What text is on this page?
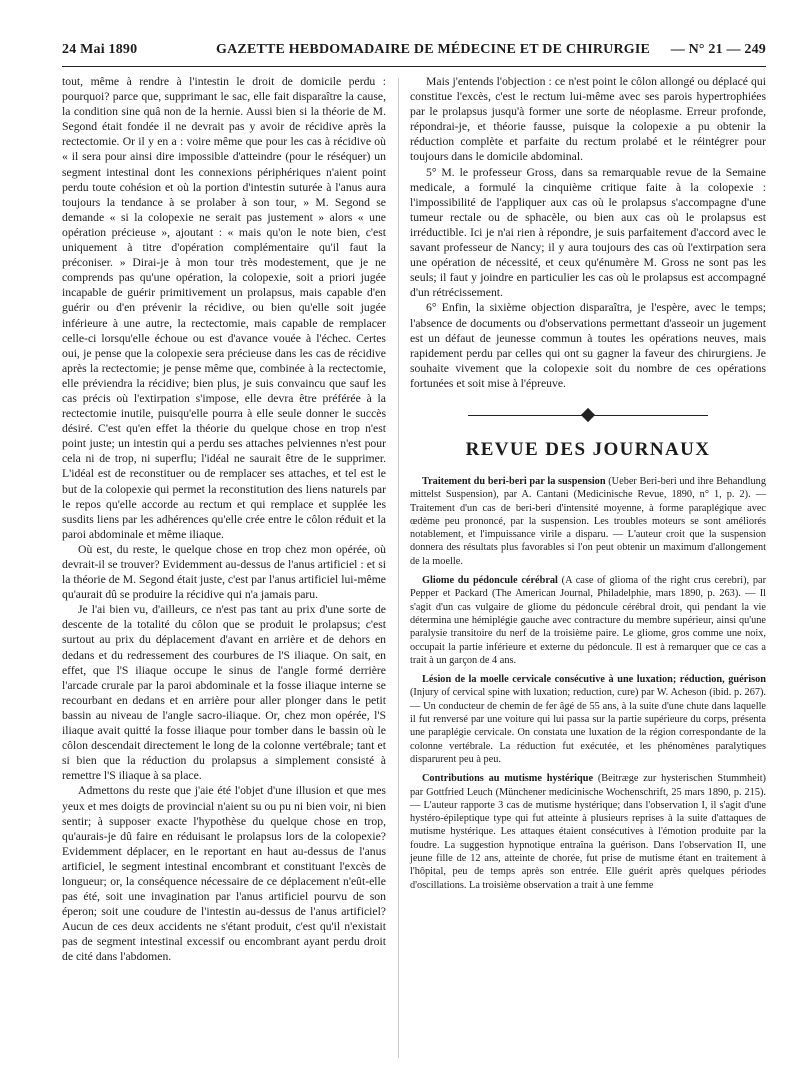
24 Mai 1890	GAZETTE HEBDOMADAIRE DE MÉDECINE ET DE CHIRURGIE — N° 21 — 249

tout, même à rendre à l'intestin le droit de domicile perdu : pourquoi? parce que, supprimant le sac, elle fait disparaître la cause, la condition sine quâ non de la hernie. Aussi bien si la théorie de M. Segond était fondée il ne devrait pas y avoir de récidive après la rectectomie. Or il y en a : voire même que pour les cas à récidive où « il sera pour ainsi dire impossible d'atteindre (pour le réséquer) un segment intestinal dont les connexions périphériques n'aient point perdu toute cohésion et où la portion d'intestin suturée à l'anus aura toujours la tendance à se prolaber à son tour, » M. Segond se demande « si la colopexie ne serait pas justement » alors « une opération précieuse », ajoutant : « mais qu'on le note bien, c'est uniquement à titre d'opération complémentaire qu'il faut la préconiser. » Dirai-je à mon tour très modestement, que je ne comprends pas qu'une opération, la colopexie, soit a priori jugée incapable de guérir primitivement un prolapsus, mais capable d'en guérir ou d'en prévenir la récidive, ou bien qu'elle soit jugée inférieure à une autre, la rectectomie, mais capable de remplacer celle-ci lorsqu'elle échoue ou est d'avance vouée à l'échec. Certes oui, je pense que la colopexie sera précieuse dans les cas de récidive après la rectectomie; je pense même que, combinée à la rectectomie, elle préviendra la récidive; bien plus, je suis convaincu que sauf les cas précis où l'extirpation s'impose, elle devra être préférée à la rectectomie inutile, puisqu'elle pourra à elle seule donner le succès désiré. C'est qu'en effet la théorie du quelque chose en trop n'est point juste; un intestin qui a perdu ses attaches pelviennes n'est pour cela ni de trop, ni superflu; l'idéal ne saurait être de le supprimer. L'idéal est de reconstituer ou de remplacer ses attaches, et tel est le but de la colopexie qui permet la reconstitution des liens naturels par le repos qu'elle accorde au rectum et qui remplace et supplée les susdits liens par les adhérences qu'elle crée entre le côlon réduit et la paroi abdominale et même iliaque.

Où est, du reste, le quelque chose en trop chez mon opérée, où devrait-il se trouver? Evidemment au-dessus de l'anus artificiel : et si la théorie de M. Segond était juste, c'est par l'anus artificiel lui-même qu'aurait dû se produire la récidive qui n'a jamais paru.

Je l'ai bien vu, d'ailleurs, ce n'est pas tant au prix d'une sorte de descente de la totalité du côlon que se produit le prolapsus; c'est surtout au prix du déplacement d'avant en arrière et de dehors en dedans et du redressement des courbures de l'S iliaque. On sait, en effet, que l'S iliaque occupe le sinus de l'angle formé derrière l'arcade crurale par la paroi abdominale et la fosse iliaque interne se recourbant en dedans et en arrière pour aller plonger dans le petit bassin au niveau de l'angle sacro-iliaque. Or, chez mon opérée, l'S iliaque avait quitté la fosse iliaque pour tomber dans le bassin où le côlon descendait directement le long de la colonne vertébrale; tant et si bien que la réduction du prolapsus a simplement consisté à remettre l'S iliaque à sa place.

Admettons du reste que j'aie été l'objet d'une illusion et que mes yeux et mes doigts de provincial n'aient su ou pu ni bien voir, ni bien sentir; à supposer exacte l'hypothèse du quelque chose en trop, qu'aurais-je dû faire en réduisant le prolapsus lors de la colopexie? Evidemment déplacer, en le reportant en haut au-dessus de l'anus artificiel, le segment intestinal encombrant et constituant l'excès de longueur; or, la conséquence nécessaire de ce déplacement n'eût-elle pas été, soit une invagination par l'anus artificiel pourvu de son éperon; soit une coudure de l'intestin au-dessus de l'anus artificiel? Aucun de ces deux accidents ne s'étant produit, c'est qu'il n'existait pas de segment intestinal excessif ou encombrant ayant perdu droit de cité dans l'abdomen.

Mais j'entends l'objection : ce n'est point le côlon allongé ou déplacé qui constitue l'excès, c'est le rectum lui-même avec ses parois hypertrophiées par le prolapsus jusqu'à former une sorte de néoplasme. Erreur profonde, répondrai-je, et théorie fausse, puisque la colopexie a pu obtenir la réduction complète et parfaite du rectum prolabé et le réintégrer pour toujours dans le domicile abdominal.

5° M. le professeur Gross, dans sa remarquable revue de la Semaine medicale, a formulé la cinquième critique faite à la colopexie : l'impossibilité de l'appliquer aux cas où le prolapsus s'accompagne d'une tumeur rectale ou de sphacèle, ou bien aux cas où le prolapsus est irréductible. Ici je n'ai rien à répondre, je suis parfaitement d'accord avec le savant professeur de Nancy; il y aura toujours des cas où l'extirpation sera une opération de nécessité, et ceux qu'énumère M. Gross ne sont pas les seuls; il faut y joindre en particulier les cas où le prolapsus est accompagné d'un rétrécissement.

6° Enfin, la sixième objection disparaîtra, je l'espère, avec le temps; l'absence de documents ou d'observations permettant d'asseoir un jugement est un défaut de jeunesse commun à toutes les opérations neuves, mais rapidement perdu par celles qui ont su gagner la faveur des chirurgiens. Je souhaite vivement que la colopexie soit du nombre de ces opérations fortunées et soit mise à l'épreuve.

REVUE DES JOURNAUX

Traitement du beri-beri par la suspension (Ueber Beri-beri und ihre Behandlung mittelst Suspension), par A. Cantani (Medicinische Revue, 1890, n° 1, p. 2). — Traitement d'un cas de beri-beri d'intensité moyenne, à forme paraplégique avec œdème peu prononcé, par la suspension. Les troubles moteurs se sont améliorés notablement, et l'impuissance virile a disparu. — L'auteur croit que la suspension donnera des résultats plus favorables si l'on peut obtenir un maximum d'allongement de la moelle.

Gliome du pédoncule cérébral (A case of glioma of the right crus cerebri), par Pepper et Packard (The American Journal, Philadelphie, mars 1890, p. 263). — Il s'agit d'un cas vulgaire de gliome du pédoncule cérébral droit, qui pendant la vie détermina une hémiplégie gauche avec contracture du membre supérieur, ainsi qu'une paralysie transitoire du nerf de la troisième paire. Le gliome, gros comme une noix, occupait la partie inférieure et externe du pédoncule. Il est à remarquer que ce cas a trait à un garçon de 4 ans.

Lésion de la moelle cervicale consécutive à une luxation; réduction, guérison (Injury of cervical spine with luxation; reduction, cure) par W. Acheson (ibid. p. 267). — Un conducteur de chemin de fer âgé de 55 ans, à la suite d'une chute dans laquelle il fut renversé par une voiture qui lui passa sur la partie supérieure du corps, présenta une paraplégie cervicale. On constata une luxation de la région correspondante de la colonne vertébrale. La réduction fut exécutée, et les phénomènes paralytiques disparurent peu à peu.

Contributions au mutisme hystérique (Beitræge zur hysterischen Stummheit) par Gottfried Leuch (Münchener medicinische Wochenschrift, 25 mars 1890, p. 215). — L'auteur rapporte 3 cas de mutisme hystérique; dans l'observation I, il s'agit d'une hystéro-épileptique type qui fut atteinte à plusieurs reprises à la suite d'attaques de mutisme hystérique. Les attaques étaient consécutives à l'émotion produite par la foudre. La suggestion hypnotique entraîna la guérison. Dans l'observation II, une jeune fille de 12 ans, atteinte de chorée, fut prise de mutisme étant en traitement à l'hôpital, peu de temps après son entrée. Elle guérit après quelques périodes d'oscillations. La troisième observation a trait à une femme
